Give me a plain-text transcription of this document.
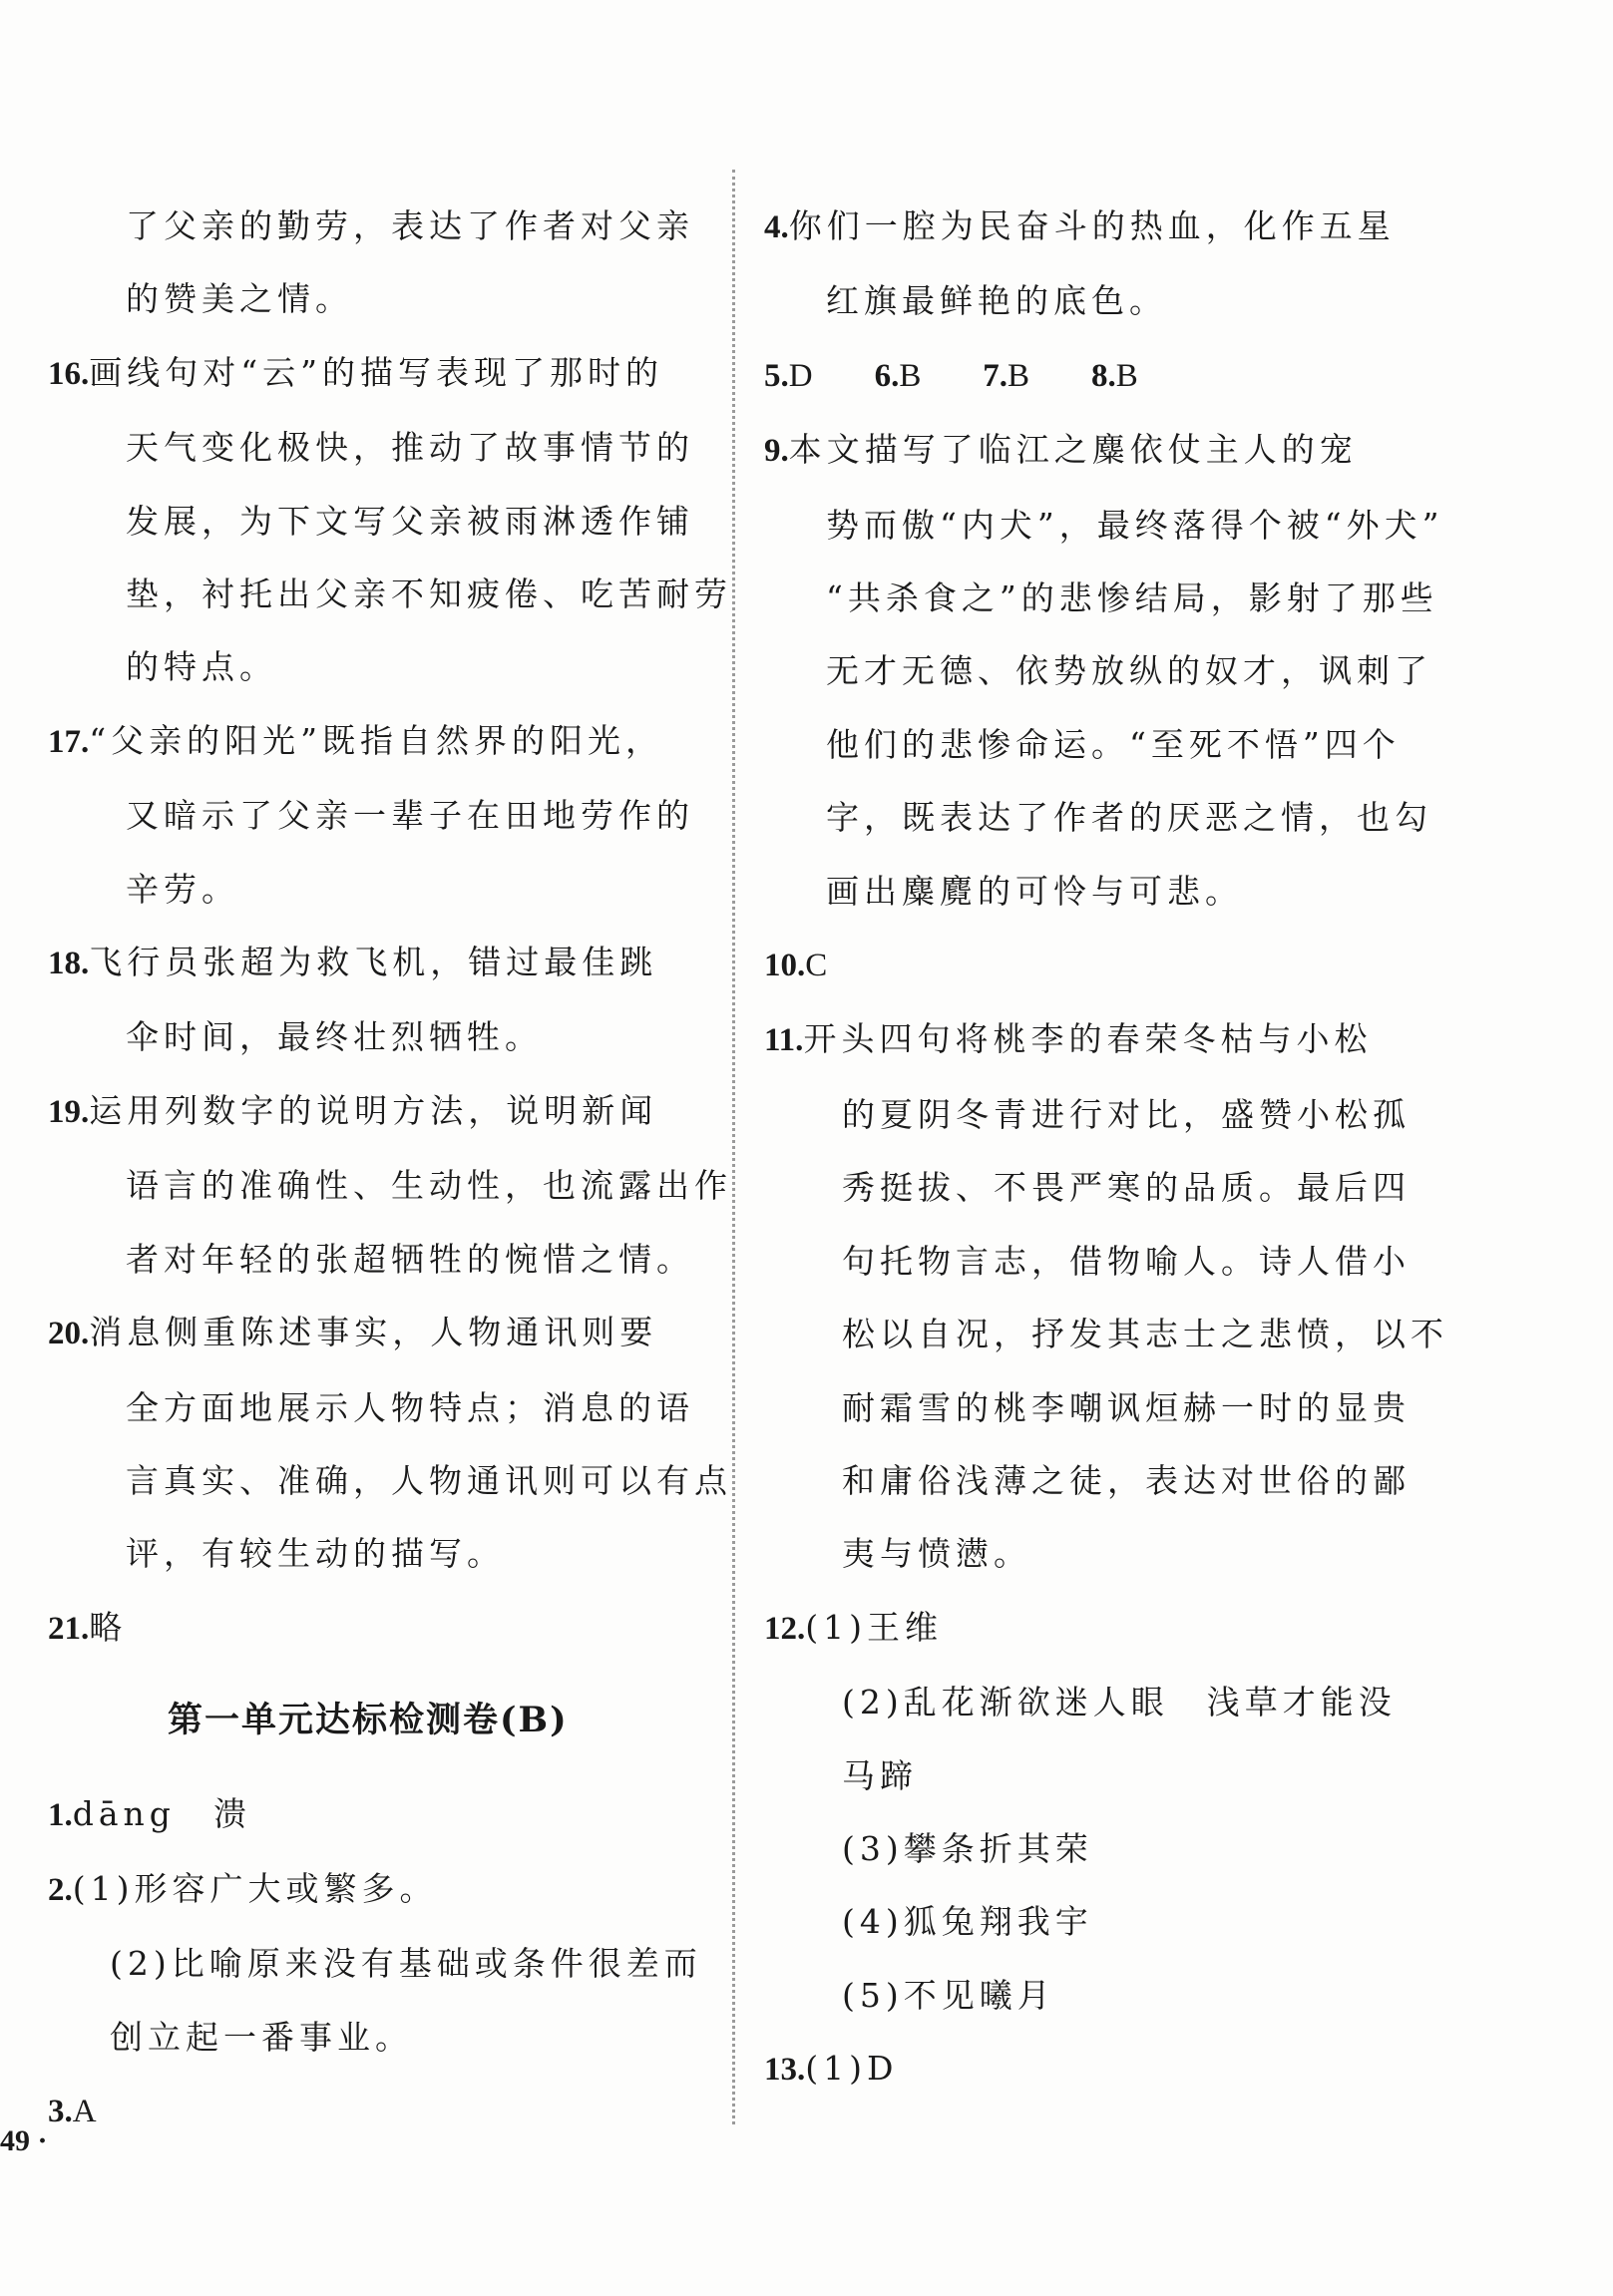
了父亲的勤劳，表达了作者对父亲
的赞美之情。
16.画线句对“云”的描写表现了那时的
天气变化极快，推动了故事情节的
发展，为下文写父亲被雨淋透作铺
垫，衬托出父亲不知疲倦、吃苦耐劳
的特点。
17.“父亲的阳光”既指自然界的阳光，
又暗示了父亲一辈子在田地劳作的
辛劳。
18.飞行员张超为救飞机，错过最佳跳
伞时间，最终壮烈牺牲。
19.运用列数字的说明方法，说明新闻
语言的准确性、生动性，也流露出作
者对年轻的张超牺牲的惋惜之情。
20.消息侧重陈述事实，人物通讯则要
全方面地展示人物特点；消息的语
言真实、准确，人物通讯则可以有点
评，有较生动的描写。
21.略
第一单元达标检测卷(B)
1.dāng　溃
2.(1)形容广大或繁多。
(2)比喻原来没有基础或条件很差而
创立起一番事业。
3.A
4.你们一腔为民奋斗的热血，化作五星
红旗最鲜艳的底色。
5.D 6.B 7.B 8.B
9.本文描写了临江之麋依仗主人的宠
势而傲“内犬”，最终落得个被“外犬”
“共杀食之”的悲惨结局，影射了那些
无才无德、依势放纵的奴才，讽刺了
他们的悲惨命运。“至死不悟”四个
字，既表达了作者的厌恶之情，也勾
画出麋麑的可怜与可悲。
10.C
11.开头四句将桃李的春荣冬枯与小松
的夏阴冬青进行对比，盛赞小松孤
秀挺拔、不畏严寒的品质。最后四
句托物言志，借物喻人。诗人借小
松以自况，抒发其志士之悲愤，以不
耐霜雪的桃李嘲讽烜赫一时的显贵
和庸俗浅薄之徒，表达对世俗的鄙
夷与愤懑。
12.(1)王维
(2)乱花渐欲迷人眼　浅草才能没
马蹄
(3)攀条折其荣
(4)狐兔翔我宇
(5)不见曦月
13.(1)D
49 ·
